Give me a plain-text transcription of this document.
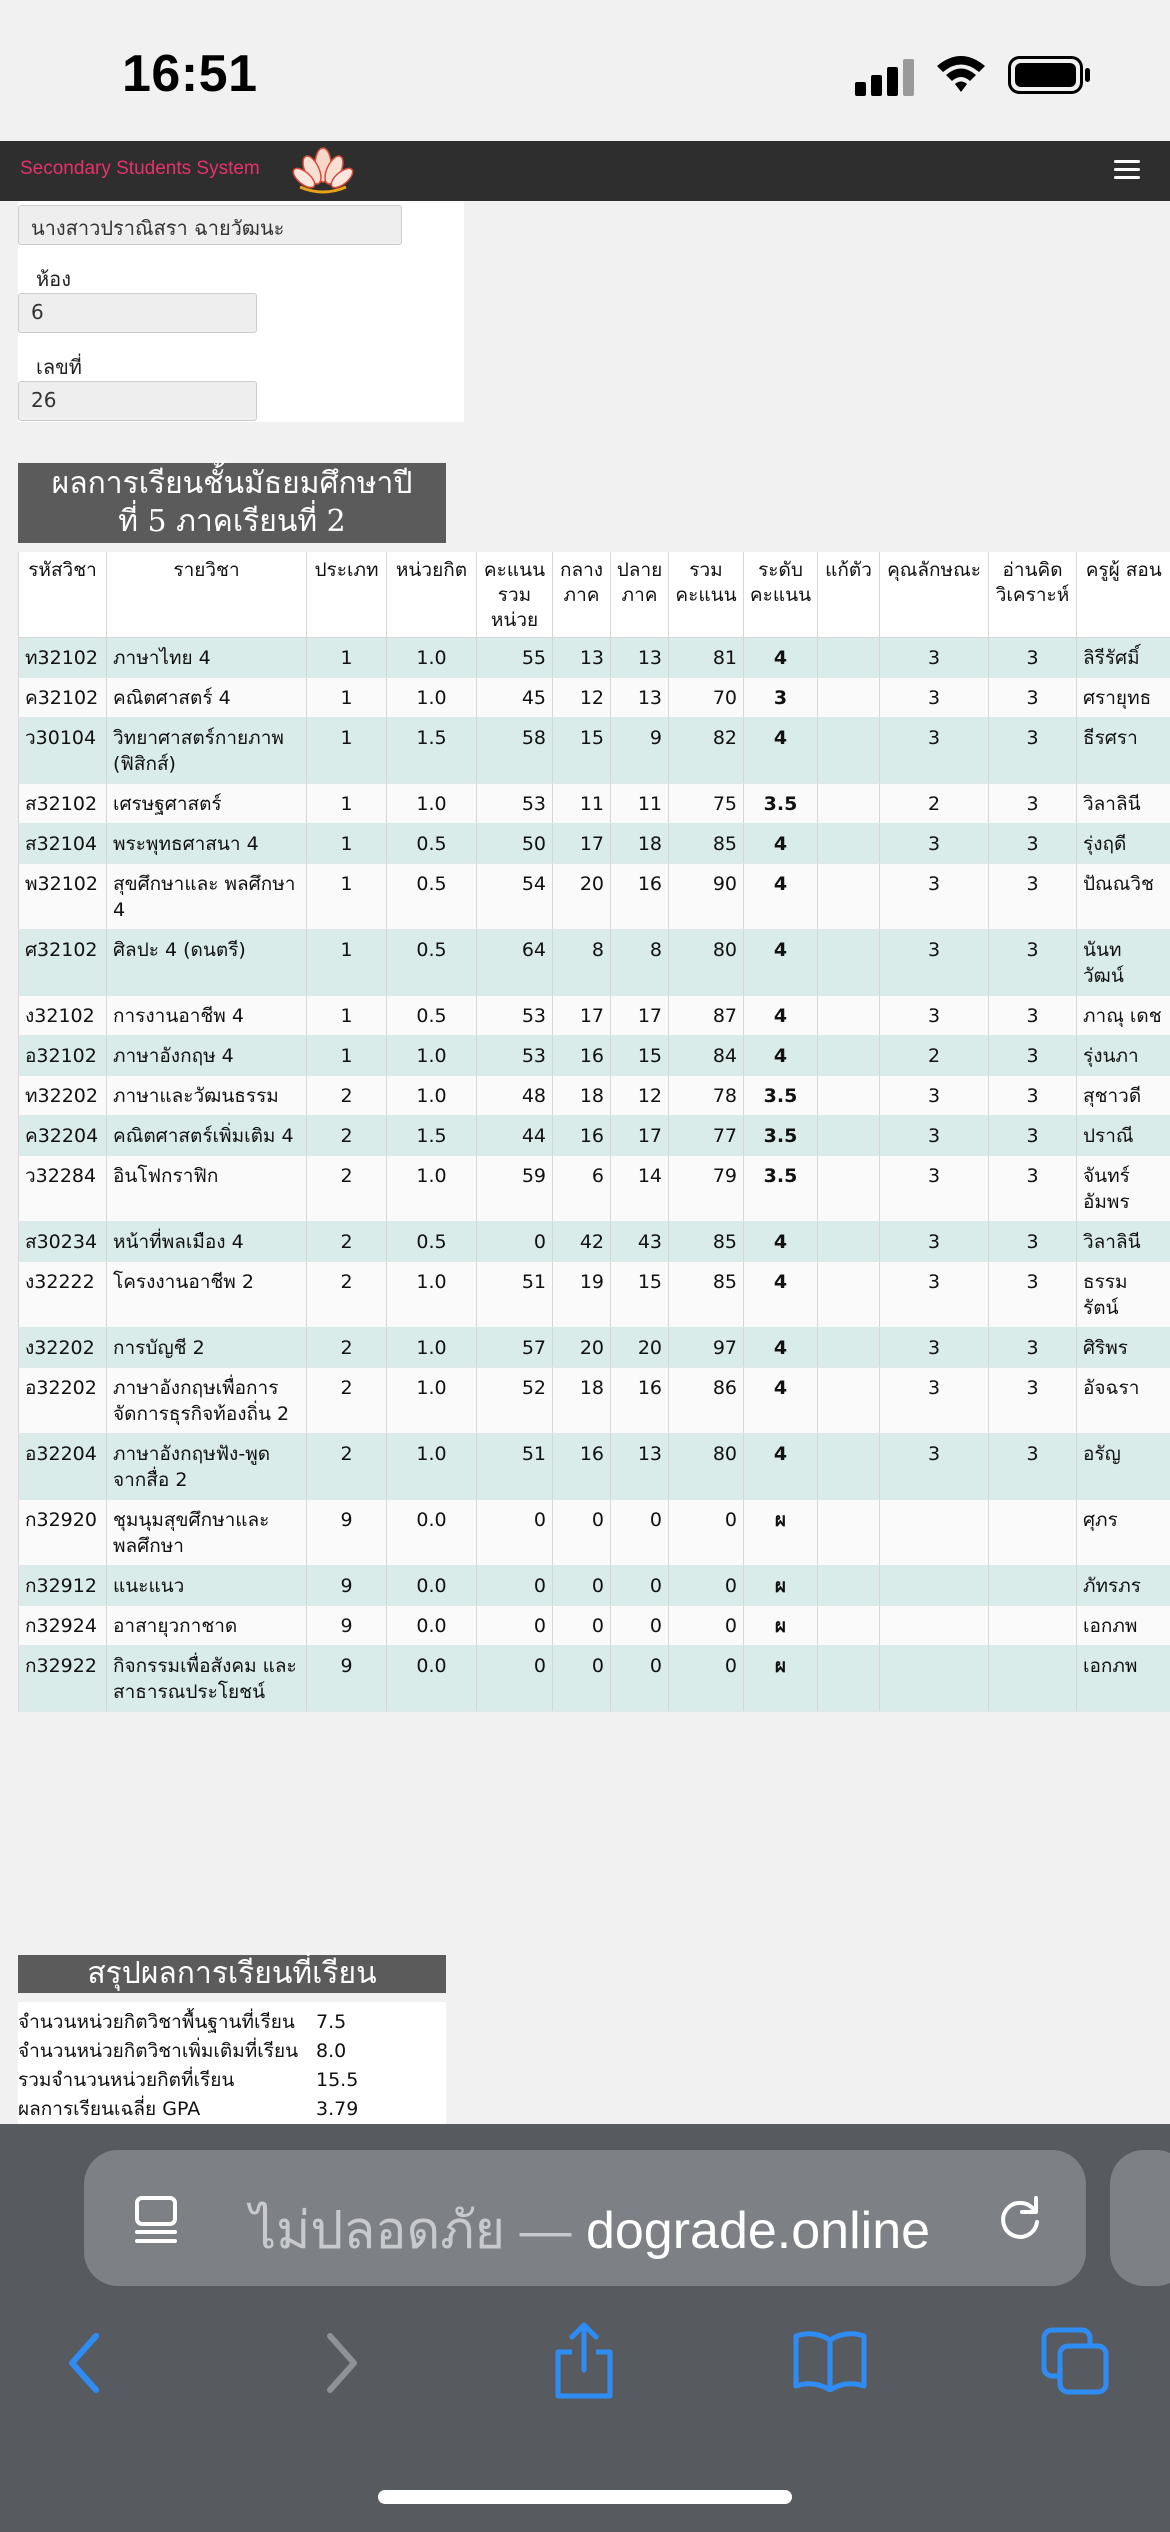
16:51
Secondary Students System
นางสาวปราณิสรา ฉายวัฒนะ
ห้อง
6
เลขที่
26
ผลการเรียนชั้นมัธยมศึกษาปี
ที่ 5 ภาคเรียนที่ 2
รหัสวิชา	รายวิชา	ประเภท	หน่วยกิต	คะแนน รวม หน่วย	กลาง ภาค	ปลาย ภาค	รวม คะแนน	ระดับ คะแนน	แก้ตัว	คุณลักษณะ	อ่านคิด วิเคราะห์	ครูผู้ สอน
ท32102	ภาษาไทย 4	1	1.0	55	13	13	81	4		3	3	ลิรีรัศมิ์
ค32102	คณิตศาสตร์ 4	1	1.0	45	12	13	70	3		3	3	ศรายุทธ
ว30104	วิทยาศาสตร์กายภาพ (ฟิสิกส์)	1	1.5	58	15	9	82	4		3	3	ธีรศรา
ส32102	เศรษฐศาสตร์	1	1.0	53	11	11	75	3.5		2	3	วิลาลินี
ส32104	พระพุทธศาสนา 4	1	0.5	50	17	18	85	4		3	3	รุ่งฤดี
พ32102	สุขศึกษาและ พลศึกษา 4	1	0.5	54	20	16	90	4		3	3	ปัณณวิช
ศ32102	ศิลปะ 4 (ดนตรี)	1	0.5	64	8	8	80	4		3	3	นันท วัฒน์
ง32102	การงานอาชีพ 4	1	0.5	53	17	17	87	4		3	3	ภาณุ เดช
อ32102	ภาษาอังกฤษ 4	1	1.0	53	16	15	84	4		2	3	รุ่งนภา
ท32202	ภาษาและวัฒนธรรม	2	1.0	48	18	12	78	3.5		3	3	สุชาวดี
ค32204	คณิตศาสตร์เพิ่มเติม 4	2	1.5	44	16	17	77	3.5		3	3	ปราณี
ว32284	อินโฟกราฟิก	2	1.0	59	6	14	79	3.5		3	3	จันทร์ อัมพร
ส30234	หน้าที่พลเมือง 4	2	0.5	0	42	43	85	4		3	3	วิลาลินี
ง32222	โครงงานอาชีพ 2	2	1.0	51	19	15	85	4		3	3	ธรรม รัตน์
ง32202	การบัญชี 2	2	1.0	57	20	20	97	4		3	3	ศิริพร
อ32202	ภาษาอังกฤษเพื่อการ จัดการธุรกิจท้องถิ่น 2	2	1.0	52	18	16	86	4		3	3	อัจฉรา
อ32204	ภาษาอังกฤษฟัง-พูด จากสื่อ 2	2	1.0	51	16	13	80	4		3	3	อรัญ
ก32920	ชุมนุมสุขศึกษาและ พลศึกษา	9	0.0	0	0	0	0	ผ				ศุภร
ก32912	แนะแนว	9	0.0	0	0	0	0	ผ				ภัทรภร
ก32924	อาสายุวกาชาด	9	0.0	0	0	0	0	ผ				เอกภพ
ก32922	กิจกรรมเพื่อสังคม และ สาธารณประโยชน์	9	0.0	0	0	0	0	ผ				เอกภพ
สรุปผลการเรียนที่เรียน
จำนวนหน่วยกิตวิชาพื้นฐานที่เรียน	7.5
จำนวนหน่วยกิตวิชาเพิ่มเติมที่เรียน 8.0
รวมจำนวนหน่วยกิตที่เรียน	15.5
ผลการเรียนเฉลี่ย GPA	3.79
ไม่ปลอดภัย — dograde.online
